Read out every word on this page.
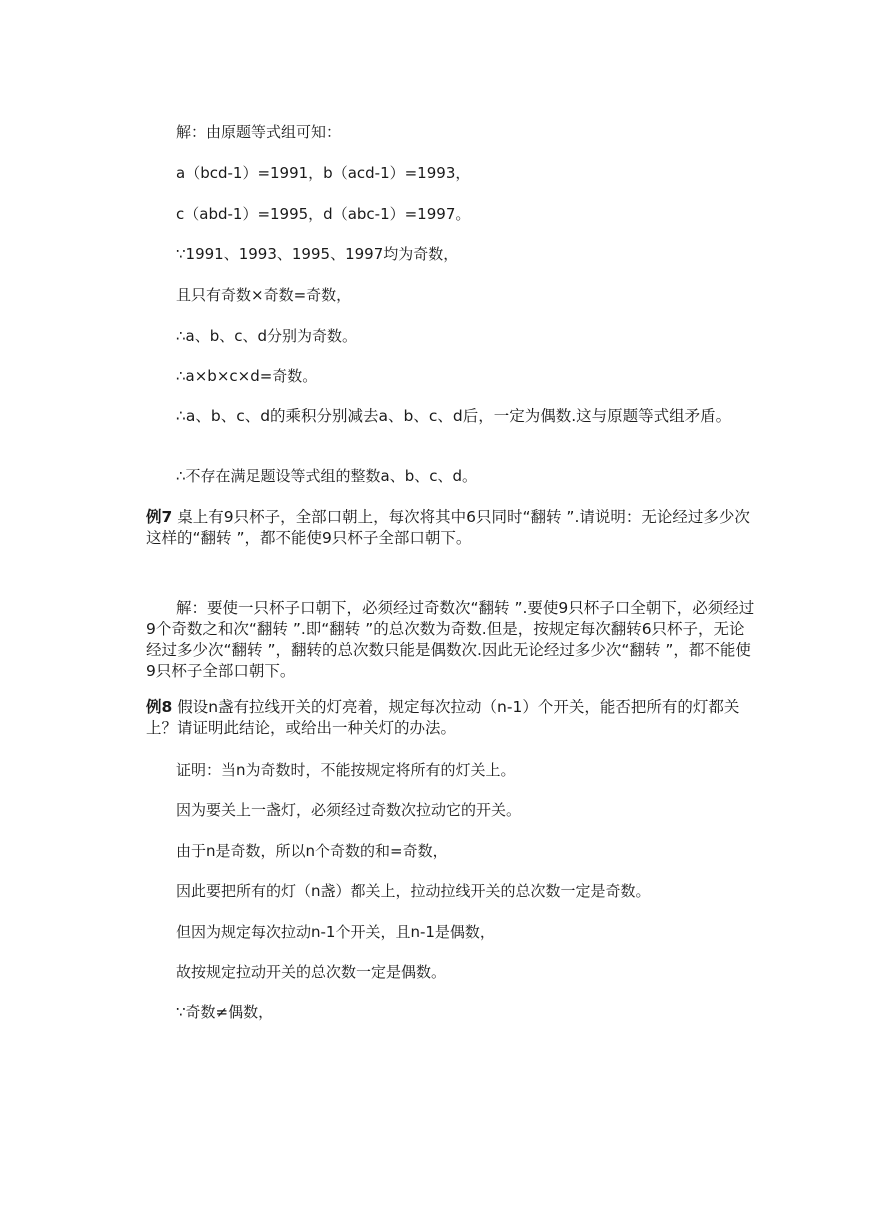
解：由原题等式组可知：
a（bcd-1）=1991，b（acd-1）=1993，
c（abd-1）=1995，d（abc-1）=1997。
∵1991、1993、1995、1997均为奇数，
且只有奇数×奇数=奇数，
∴a、b、c、d分别为奇数。
∴a×b×c×d=奇数。
∴a、b、c、d的乘积分别减去a、b、c、d后，一定为偶数.这与原题等式组矛盾。
∴不存在满足题设等式组的整数a、b、c、d。
例7 桌上有9只杯子，全部口朝上，每次将其中6只同时“翻转 ”.请说明：无论经过多少次这样的“翻转 ”，都不能使9只杯子全部口朝下。
解：要使一只杯子口朝下，必须经过奇数次“翻转 ”.要使9只杯子口全朝下，必须经过9个奇数之和次“翻转 ”.即“翻转 ”的总次数为奇数.但是，按规定每次翻转6只杯子，无论经过多少次“翻转 ”，翻转的总次数只能是偶数次.因此无论经过多少次“翻转 ”，都不能使9只杯子全部口朝下。
例8 假设n盏有拉线开关的灯亮着，规定每次拉动（n-1）个开关，能否把所有的灯都关上？请证明此结论，或给出一种关灯的办法。
证明：当n为奇数时，不能按规定将所有的灯关上。
因为要关上一盏灯，必须经过奇数次拉动它的开关。
由于n是奇数，所以n个奇数的和=奇数，
因此要把所有的灯（n盏）都关上，拉动拉线开关的总次数一定是奇数。
但因为规定每次拉动n-1个开关，且n-1是偶数，
故按规定拉动开关的总次数一定是偶数。
∵奇数≠偶数，
